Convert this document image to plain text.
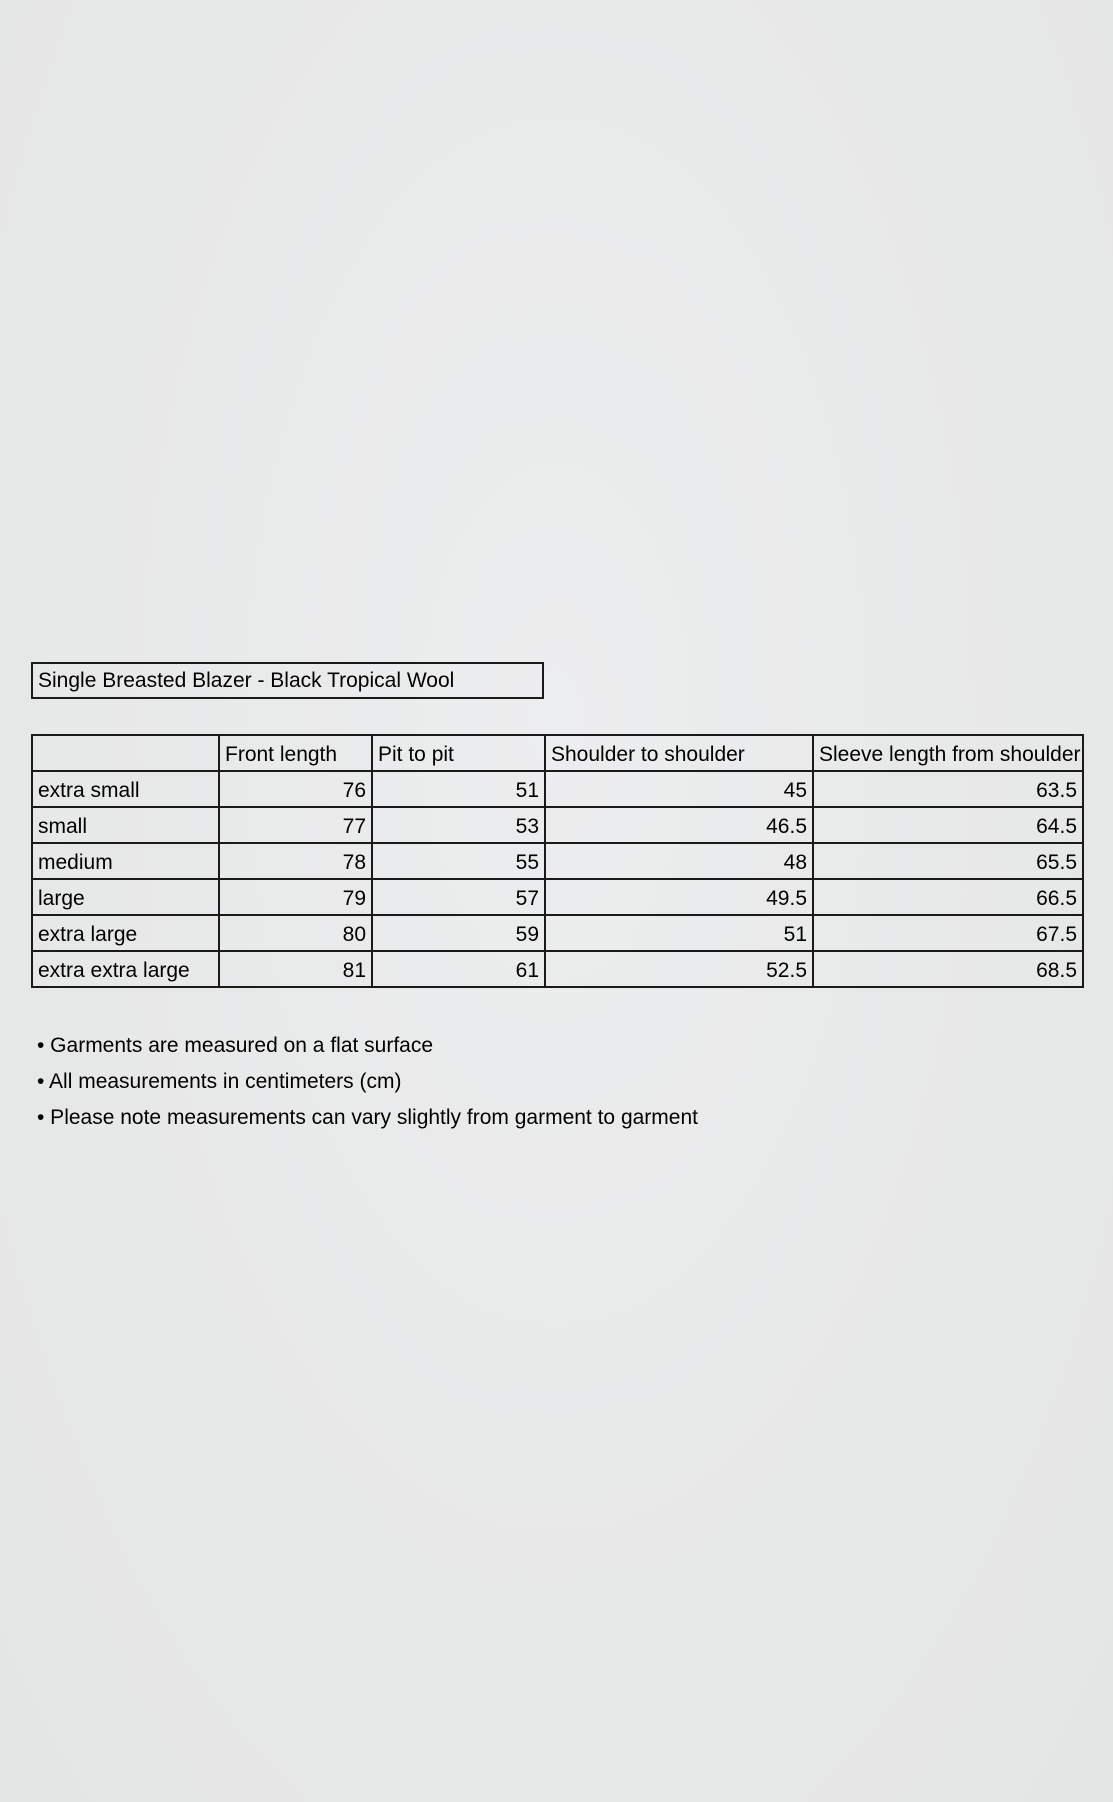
Single Breasted Blazer - Black Tropical Wool
	Front length	Pit to pit	Shoulder to shoulder	Sleeve length from shoulder
extra small	76	51	45	63.5
small	77	53	46.5	64.5
medium	78	55	48	65.5
large	79	57	49.5	66.5
extra large	80	59	51	67.5
extra extra large	81	61	52.5	68.5
• Garments are measured on a flat surface
• All measurements in centimeters (cm)
• Please note measurements can vary slightly from garment to garment
